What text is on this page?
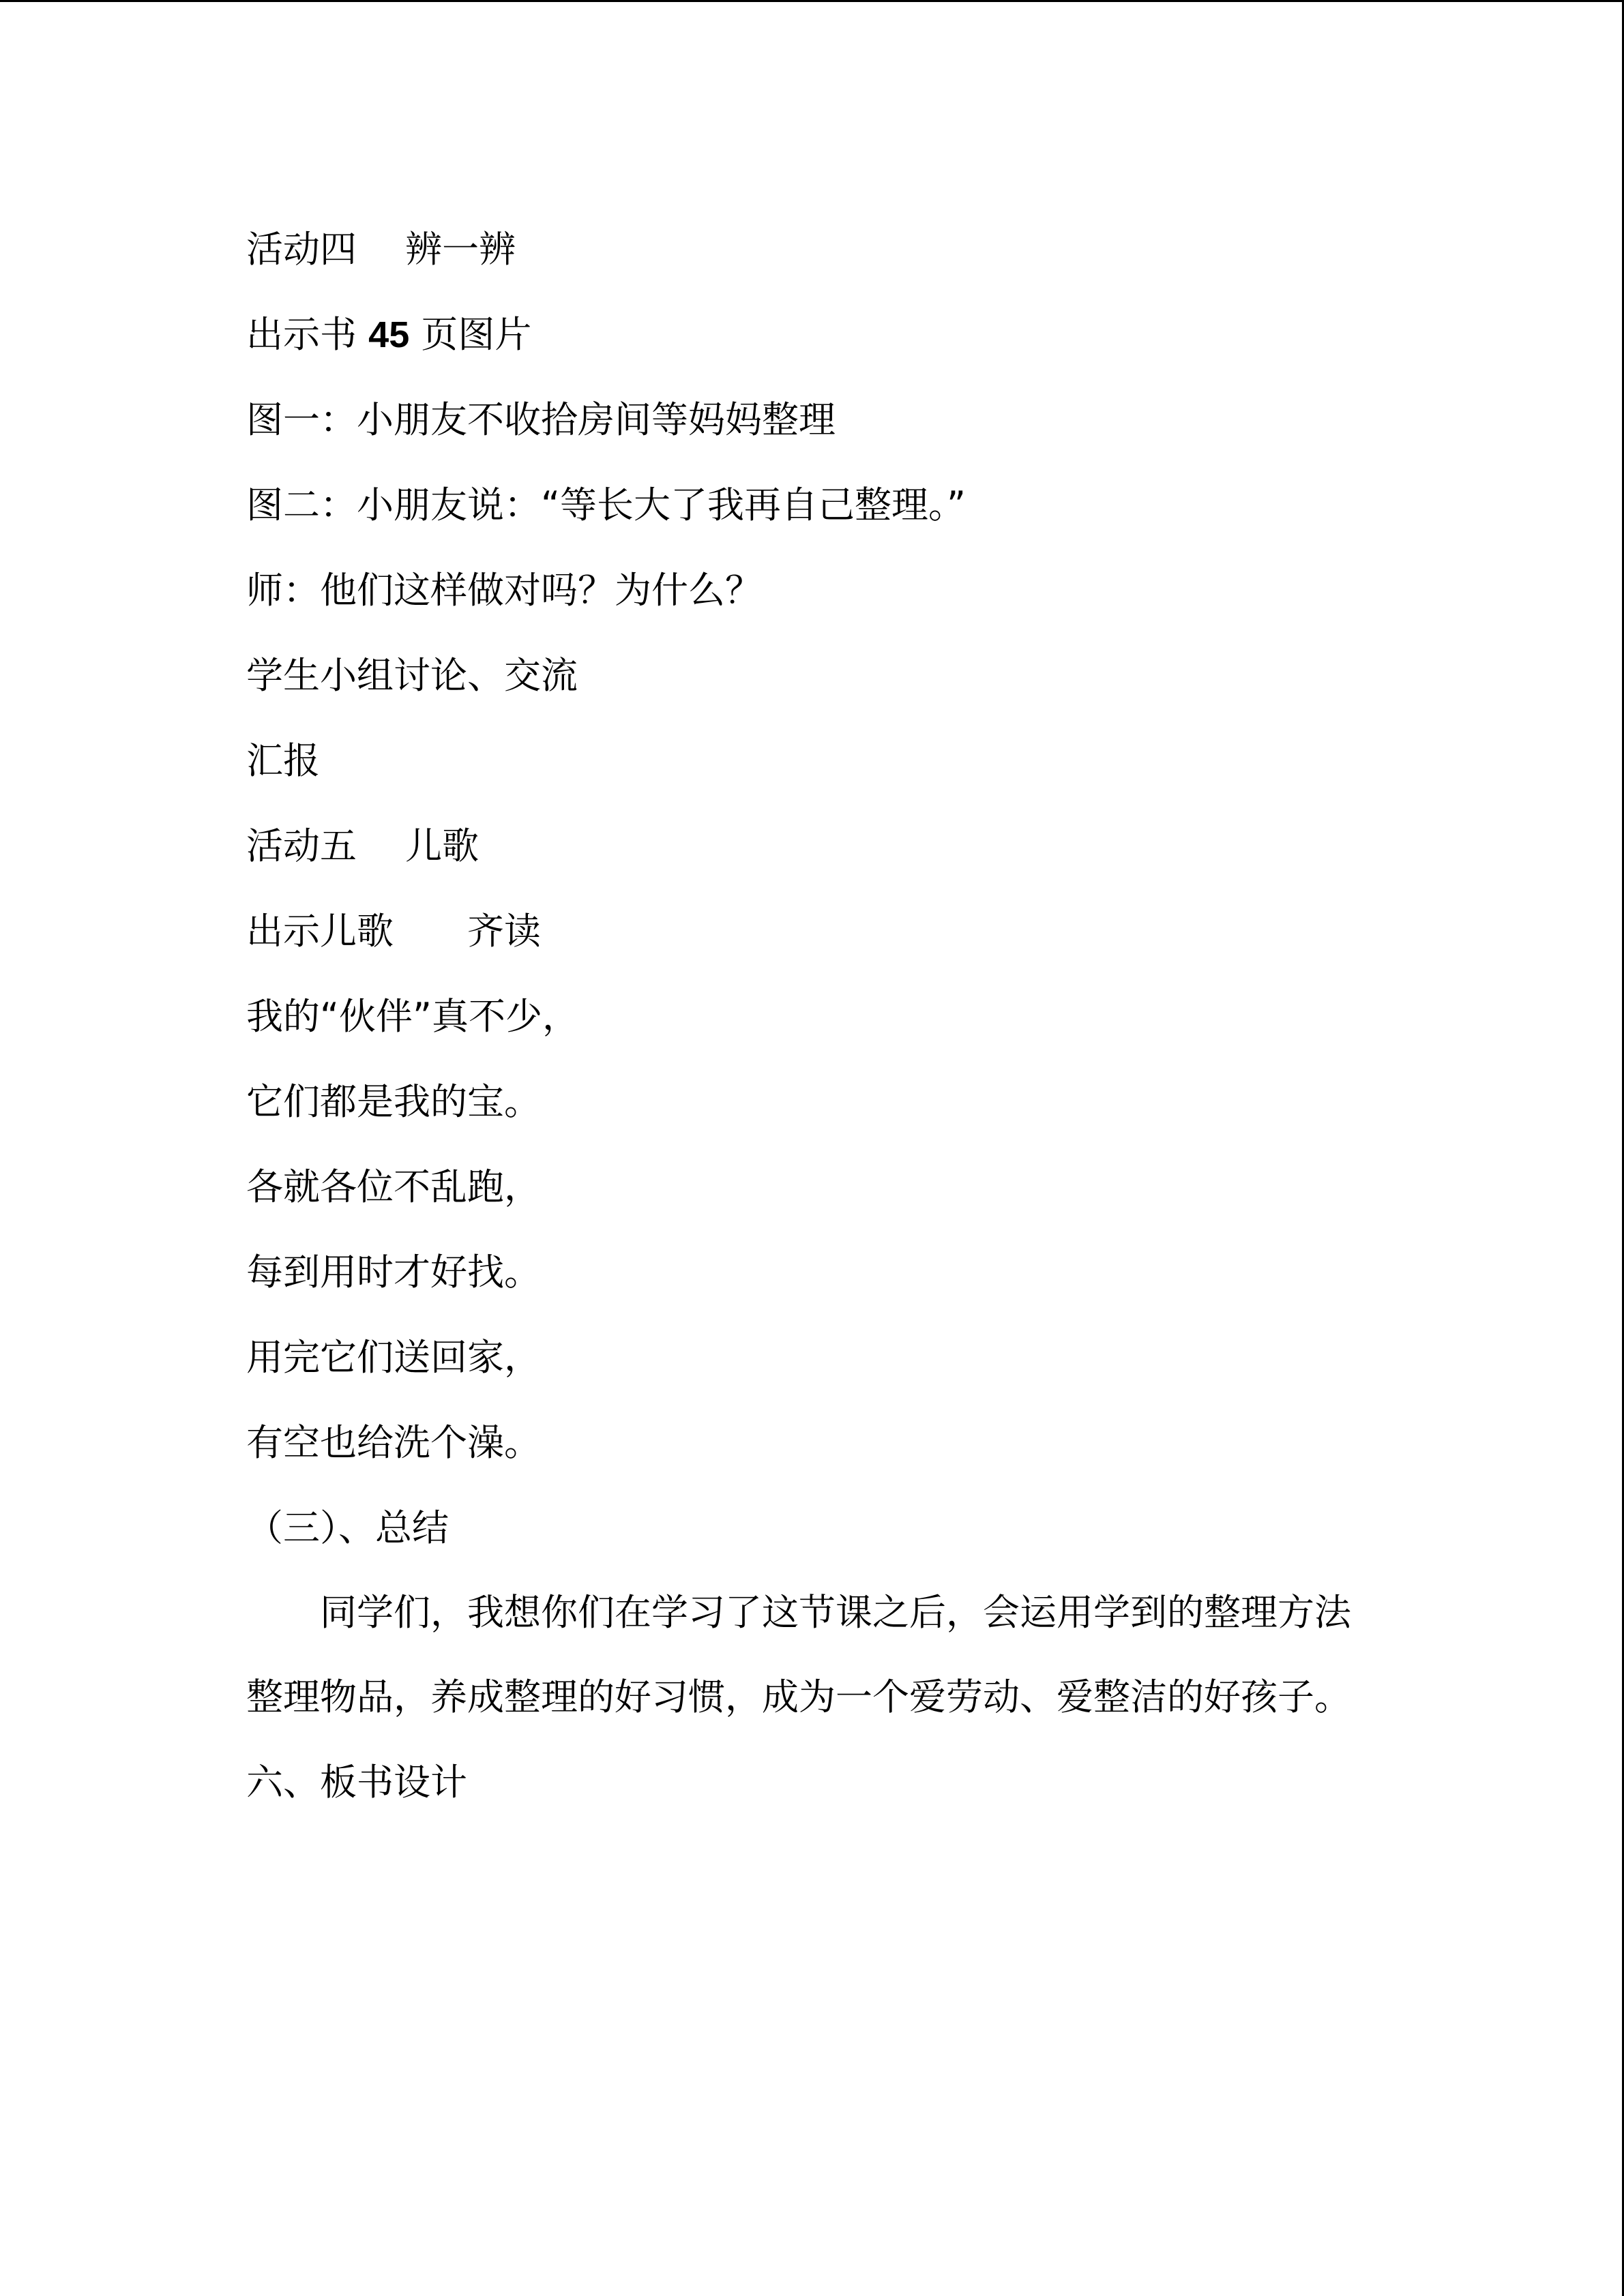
活动四　 辨一辨
出示书 45 页图片
图一：小朋友不收拾房间等妈妈整理
图二：小朋友说：“等长大了我再自己整理。”
师：他们这样做对吗？为什么？
学生小组讨论、交流
汇报
活动五　 儿歌
出示儿歌　　齐读
我的“伙伴”真不少，
它们都是我的宝。
各就各位不乱跑，
每到用时才好找。
用完它们送回家，
有空也给洗个澡。
（三）、总结
同学们，我想你们在学习了这节课之后，会运用学到的整理方法整理物品，养成整理的好习惯，成为一个爱劳动、爱整洁的好孩子。
六、板书设计
